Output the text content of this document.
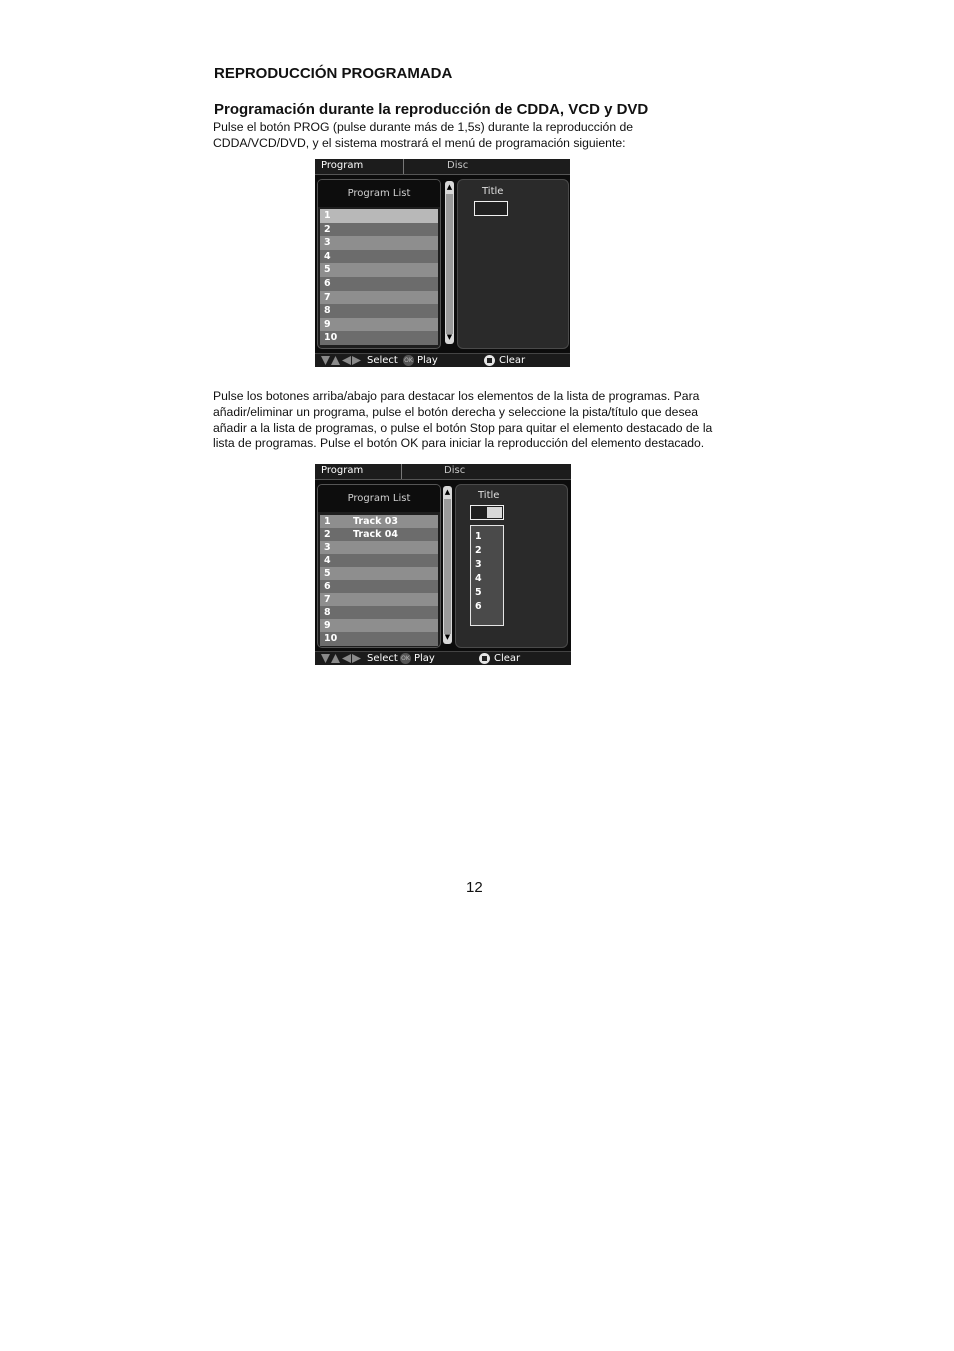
REPRODUCCIÓN PROGRAMADA
Programación durante la reproducción de CDDA, VCD y DVD
Pulse el botón PROG (pulse durante más de 1,5s) durante la reproducción de
CDDA/VCD/DVD, y el sistema mostrará el menú de programación siguiente:
Program	Disc
Program List
1
2
3
4
5
6
7
8
9
10
▲
▼
Title
Select OK Play	Clear
Pulse los botones arriba/abajo para destacar los elementos de la lista de programas. Para
añadir/eliminar un programa, pulse el botón derecha y seleccione la pista/título que desea
añadir a la lista de programas, o pulse el botón Stop para quitar el elemento destacado de la
lista de programas. Pulse el botón OK para iniciar la reproducción del elemento destacado.
Program	Disc
Program List
1 Track 03
2 Track 04
3
4
5
6
7
8
9
10
▲
▼
Title
1
2
3
4
5
6
Select OK Play	Clear
12
